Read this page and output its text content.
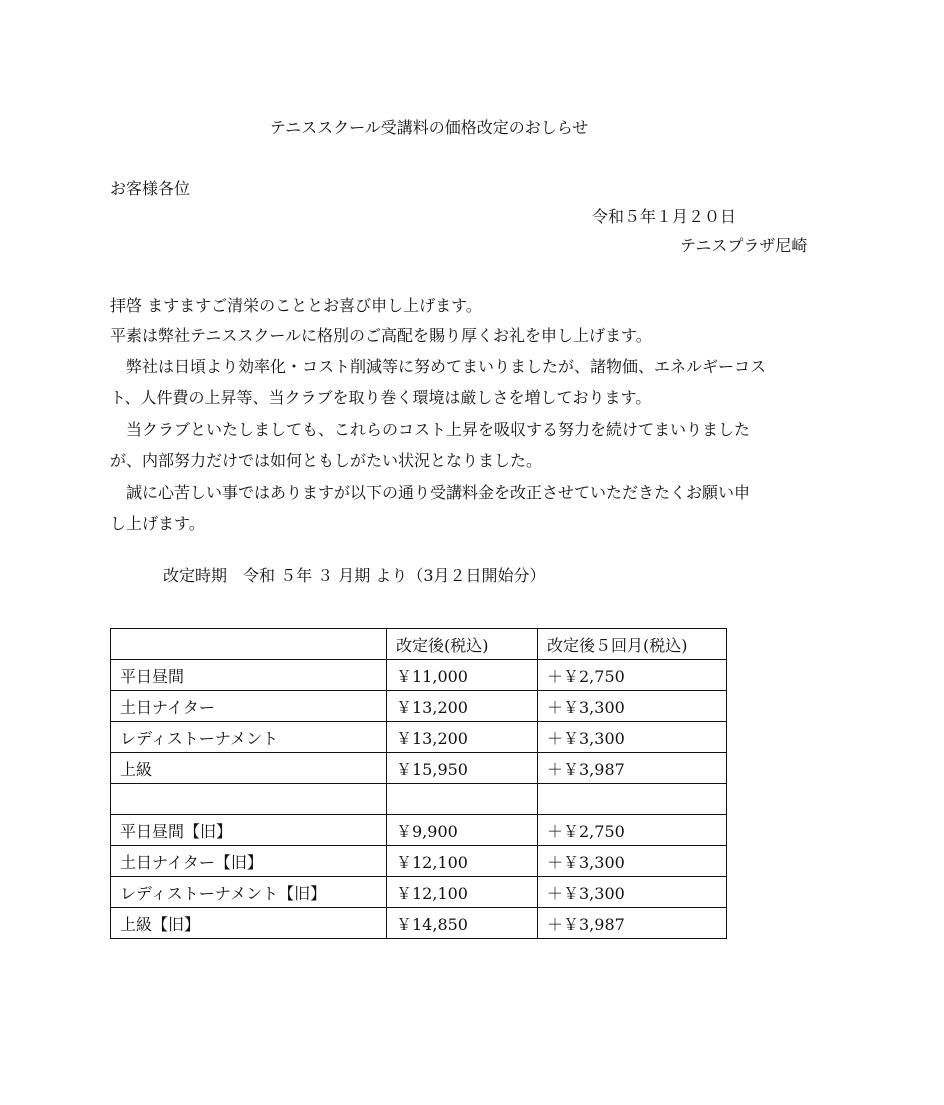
テニススクール受講料の価格改定のおしらせ
お客様各位
令和５年１月２０日
テニスプラザ尼崎
拝啓 ますますご清栄のこととお喜び申し上げます。
平素は弊社テニススクールに格別のご高配を賜り厚くお礼を申し上げます。
　弊社は日頃より効率化・コスト削減等に努めてまいりましたが、諸物価、エネルギーコス
ト、人件費の上昇等、当クラブを取り巻く環境は厳しさを増しております。
　当クラブといたしましても、これらのコスト上昇を吸収する努力を続けてまいりました
が、内部努力だけでは如何ともしがたい状況となりました。
　誠に心苦しい事ではありますが以下の通り受講料金を改正させていただきたくお願い申
し上げます。
改定時期　令和 ５年 ３ 月期 より（3月２日開始分）
	改定後(税込)	改定後５回月(税込)
平日昼間	￥11,000	＋￥2,750
土日ナイター	￥13,200	＋￥3,300
レディストーナメント	￥13,200	＋￥3,300
上級	￥15,950	＋￥3,987

平日昼間【旧】	￥9,900	＋￥2,750
土日ナイター【旧】	￥12,100	＋￥3,300
レディストーナメント【旧】	￥12,100	＋￥3,300
上級【旧】	￥14,850	＋￥3,987
